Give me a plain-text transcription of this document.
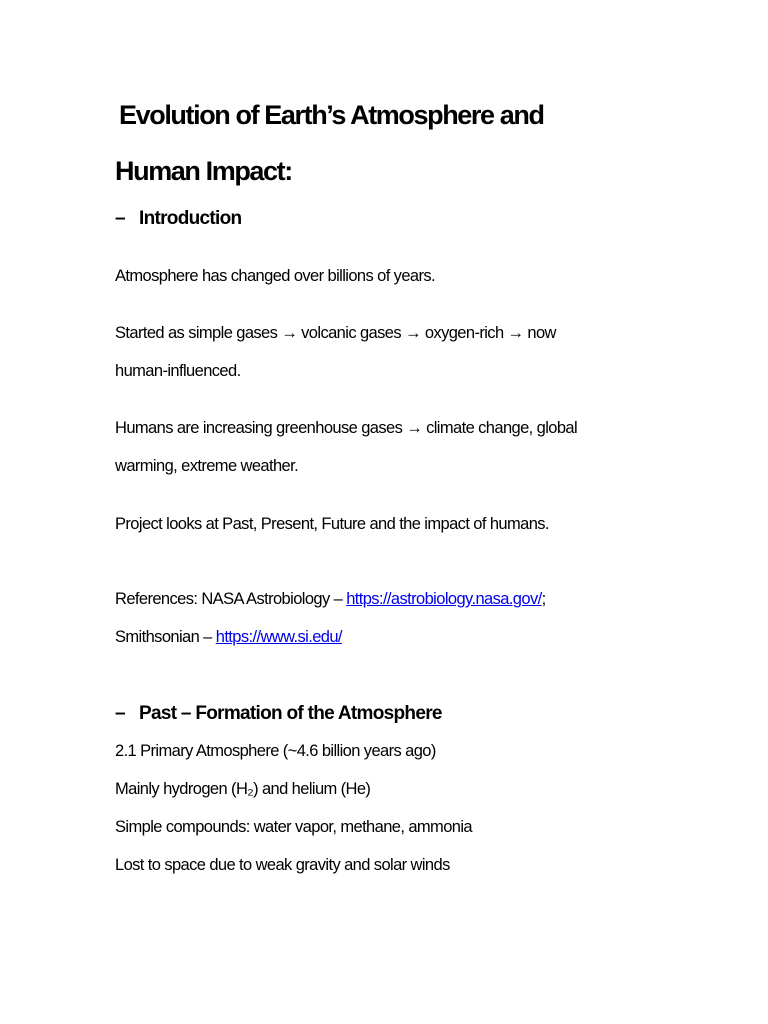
Evolution of Earth’s Atmosphere and
Human Impact:
– Introduction
Atmosphere has changed over billions of years.
Started as simple gases → volcanic gases → oxygen-rich → now
human-influenced.
Humans are increasing greenhouse gases → climate change, global
warming, extreme weather.
Project looks at Past, Present, Future and the impact of humans.
References: NASA Astrobiology – https://astrobiology.nasa.gov/;
Smithsonian – https://www.si.edu/
– Past – Formation of the Atmosphere
2.1 Primary Atmosphere (~4.6 billion years ago)
Mainly hydrogen (H₂) and helium (He)
Simple compounds: water vapor, methane, ammonia
Lost to space due to weak gravity and solar winds
